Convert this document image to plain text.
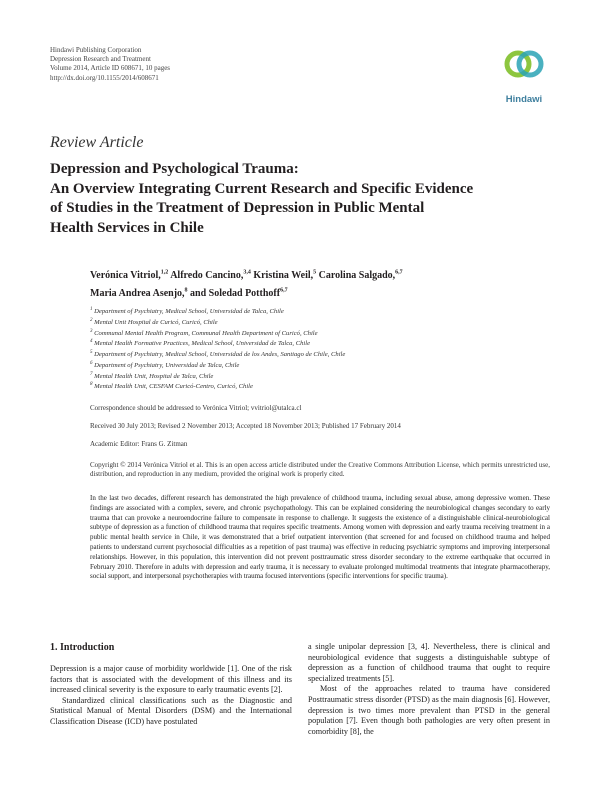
Hindawi Publishing Corporation
Depression Research and Treatment
Volume 2014, Article ID 608671, 10 pages
http://dx.doi.org/10.1155/2014/608671
Hindawi
Review Article
Depression and Psychological Trauma:
An Overview Integrating Current Research and Specific Evidence
of Studies in the Treatment of Depression in Public Mental
Health Services in Chile
Verónica Vitriol,$^{1,2}$ Alfredo Cancino,$^{3,4}$ Kristina Weil,$^5$ Carolina Salgado,$^{6,7}$
Maria Andrea Asenjo,$^8$ and Soledad Potthoff$^{6,7}$
$^1$ Department of Psychiatry, Medical School, Universidad de Talca, Chile
$^2$ Mental Unit Hospital de Curicó, Curicó, Chile
$^3$ Communal Mental Health Program, Communal Health Department of Curicó, Chile
$^4$ Mental Health Formative Practices, Medical School, Universidad de Talca, Chile
$^5$ Department of Psychiatry, Medical School, Universidad de los Andes, Santiago de Chile, Chile
$^6$ Department of Psychiatry, Universidad de Talca, Chile
$^7$ Mental Health Unit, Hospital de Talca, Chile
$^8$ Mental Health Unit, CESFAM Curicó-Centro, Curicó, Chile
Correspondence should be addressed to Verónica Vitriol; vvitriol@utalca.cl
Received 30 July 2013; Revised 2 November 2013; Accepted 18 November 2013; Published 17 February 2014
Academic Editor: Frans G. Zitman
Copyright © 2014 Verónica Vitriol et al. This is an open access article distributed under the Creative Commons Attribution License, which permits unrestricted use, distribution, and reproduction in any medium, provided the original work is properly cited.
In the last two decades, different research has demonstrated the high prevalence of childhood trauma, including sexual abuse, among depressive women. These findings are associated with a complex, severe, and chronic psychopathology. This can be explained considering the neurobiological changes secondary to early trauma that can provoke a neuroendocrine failure to compensate in response to challenge. It suggests the existence of a distinguishable clinical-neurobiological subtype of depression as a function of childhood trauma that requires specific treatments. Among women with depression and early trauma receiving treatment in a public mental health service in Chile, it was demonstrated that a brief outpatient intervention (that screened for and focused on childhood trauma and helped patients to understand current psychosocial difficulties as a repetition of past trauma) was effective in reducing psychiatric symptoms and improving interpersonal relationships. However, in this population, this intervention did not prevent posttraumatic stress disorder secondary to the extreme earthquake that occurred in February 2010. Therefore in adults with depression and early trauma, it is necessary to evaluate prolonged multimodal treatments that integrate pharmacotherapy, social support, and interpersonal psychotherapies with trauma focused interventions (specific interventions for specific trauma).
1. Introduction

Depression is a major cause of morbidity worldwide [1]. One of the risk factors that is associated with the development of this illness and its increased clinical severity is the exposure to early traumatic events [2].

Standardized clinical classifications such as the Diagnostic and Statistical Manual of Mental Disorders (DSM) and the International Classification Disease (ICD) have postulated

a single unipolar depression [3, 4]. Nevertheless, there is clinical and neurobiological evidence that suggests a distinguishable subtype of depression as a function of childhood trauma that ought to require specialized treatments [5].

Most of the approaches related to trauma have considered Posttraumatic stress disorder (PTSD) as the main diagnosis [6]. However, depression is two times more prevalent than PTSD in the general population [7]. Even though both pathologies are very often present in comorbidity [8], the
